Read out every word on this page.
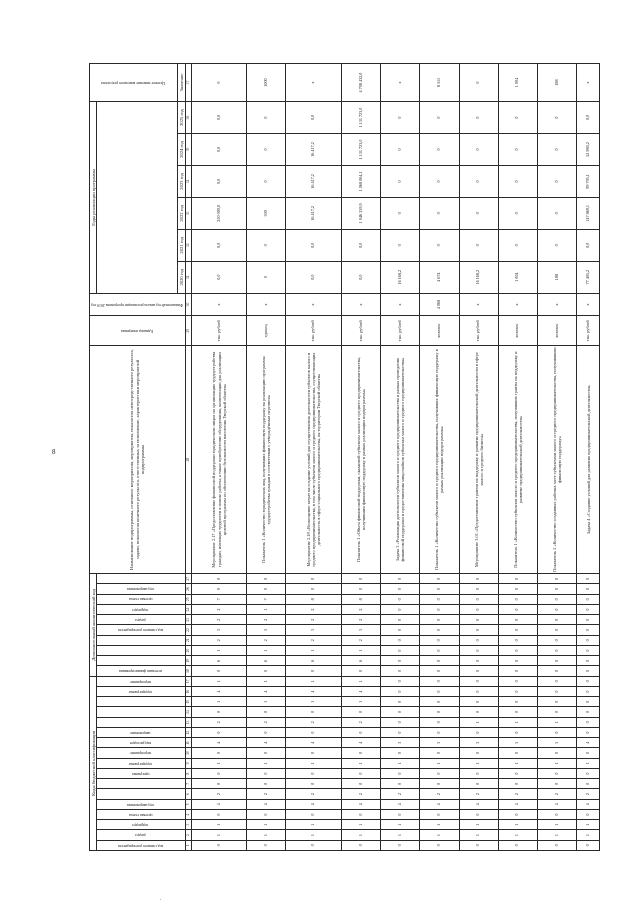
8
.
Коды бюджетной классификации																	Дополнительный аналитический код										Наименование подпрограммы, основного мероприятия, мероприятия, показателя непосредственного результата, задачи, показателя конечного результата, ответственных за исполнение, характеристики мероприятий подпрограммы	Единица измерения	Финансовый год начала реализации программы 2019 год	Годы реализации программы						Целевое значение конечного результата
код главного распорядителя	раздел	подраздел	целевая статья	код направления			программа	подпрограмма	мероприятие	вид расходов	направление				подпрограмма	мероприятие	источник финансирования				код главного распорядителя	раздел	подраздел	целевая статья	код направления											
																														2020 год	2021 год	2022 год	2023 год	2024 год	2025 год	Значение
1	2	3	4	5	6	7	8	9	10	11	12	13	14	15	16	17	18	19	20	21	22	23	24	25	26	27	28	29	30	31	32	33	34	35	36	37
0	1	1	0	4	2	0	0	1	0	4	0	2	0	1	4	1	0	6	1	2	3	2	2	7	0	0	Мероприятие 2.17 «Предоставление финансовой поддержки юридическим лицам на организацию трудоустройства граждан, имеющих трудности в поиске работы, а также приобретение оборудования, компенсации для реализации целевой программы по обеспечению безопасности населения Тверской области»	тыс. рублей	x	0,0	0,0	250 000,0	0,0	0,0	0,0	0
0	1	1	0	4	2	0	0	1	0	4	0	2	0	1	4	1	0	6	1	2	3	2	1	7	0	0	Показатель 1 «Количество юридических лиц, получивших финансовую поддержку на реализацию программы трудоустройства граждан в соответствии с утверждённым перечнем»	единиц	x	0	0	300	0	0	0	1000
0	1	1	0	4	2	0	0	1	0	4	0	2	0	1	4	1	0	6	1	2	3	2	2	8	0	0	Мероприятие 2.18 «Возмещение затрат на создание условий для осуществления деятельности субъектов малого и среднего предпринимательства, в том числе субъектов малого и среднего предпринимательства, осуществляющих деятельность в сфере социального предпринимательства, на территории Тверской области»	тыс. рублей	x	0,0	0,0	16 417,2	16 417,2	16 417,2	0,0	x
0	1	1	0	4	2	0	0	1	0	4	0	2	0	1	4	1	0	6	1	2	3	2	2	8	0	0	Показатель 1 «Объем финансовой поддержки, оказанной субъектам малого и среднего предпринимательства, получившим финансовую поддержку в рамках реализации подпрограммы»	тыс. рублей	x	0,0	0,0	1 046 359,9	1 068 064,1	1 131 723,0	1 131 723,0	4 708 432,0
0	1	1	0	4	2	0	0	1	0	3	0	0	0	0	0	0	0	0	0	0	0	0	0	0	0	0	Задача 3 «Реализация деятельности субъектов малого и среднего предпринимательства в рамках проведения финансовой поддержки и предоставления микрозаймов субъектам малого и среднего предпринимательства»	тыс. рублей	x	16 168,2	0	0	0	0	0	x
0	1	1	0	4	2	0	0	1	0	3	0	0	0	0	0	0	0	0	0	0	0	0	0	0	0	0	Показатель 1 «Количество субъектов малого и среднего предпринимательства, получивших финансовую поддержку в рамках реализации подпрограммы»	человек	4 068	4 674	0	0	0	0	0	8 511
0	1	1	0	4	2	0	0	1	0	3	0	1	0	0	0	0	0	0	0	0	0	0	0	0	0	0	Мероприятие 3.01 «Предоставление грантов на поддержку и развитие предпринимательской деятельности в сфере малого и среднего бизнеса»	тыс. рублей	x	16 168,2	0	0	0	0	0	0
0	1	1	0	4	2	0	0	1	0	3	0	1	0	0	0	0	0	0	0	0	0	0	0	0	0	0	Показатель 1 «Количество субъектов малого и среднего предпринимательства, получивших гранты на поддержку и развитие предпринимательской деятельности»	человек	x	1 004	0	0	0	0	0	1 004
0	1	1	0	4	2	0	0	1	0	3	0	1	0	0	0	0	0	0	0	0	0	0	0	0	0	0	Показатель 2 «Количество созданных рабочих мест субъектами малого и среднего предпринимательства, получившими финансовую поддержку»	человек	x	188	0	0	0	0	0	188
0	1	1	0	4	2	0	0	1	0	4	0	0	0	0	0	0	0	0	0	0	0	0	0	0	0	0	Задача 4 «Создание условий для развития предпринимательской деятельности»	тыс. рублей	x	77 405,2	0,0	147 869,1	99 795,1	52 980,2	0,0	x
